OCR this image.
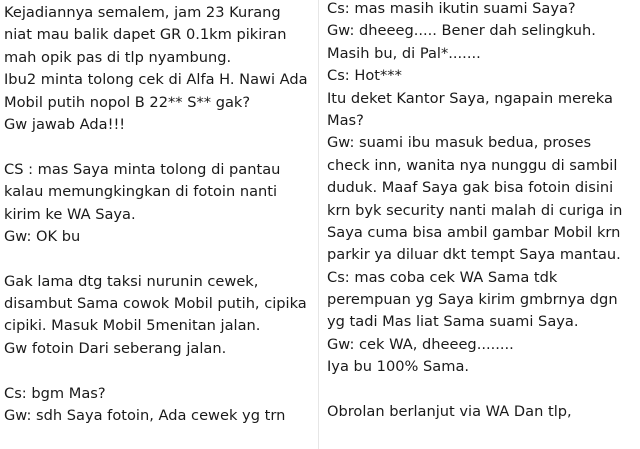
Kejadiannya semalem, jam 23 Kurang
niat mau balik dapet GR 0.1km pikiran
mah opik pas di tlp nyambung.
Ibu2 minta tolong cek di Alfa H. Nawi Ada
Mobil putih nopol B 22** S** gak?
Gw jawab Ada!!!
CS : mas Saya minta tolong di pantau
kalau memungkingkan di fotoin nanti
kirim ke WA Saya.
Gw: OK bu
Gak lama dtg taksi nurunin cewek,
disambut Sama cowok Mobil putih, cipika
cipiki. Masuk Mobil 5menitan jalan.
Gw fotoin Dari seberang jalan.
Cs: bgm Mas?
Gw: sdh Saya fotoin, Ada cewek yg trn
Cs: mas masih ikutin suami Saya?
Gw: dheeeg..... Bener dah selingkuh.
Masih bu, di Pal*.......
Cs: Hot***
Itu deket Kantor Saya, ngapain mereka
Mas?
Gw: suami ibu masuk bedua, proses
check inn, wanita nya nunggu di sambil
duduk. Maaf Saya gak bisa fotoin disini
krn byk security nanti malah di curiga in
Saya cuma bisa ambil gambar Mobil krn
parkir ya diluar dkt tempt Saya mantau.
Cs: mas coba cek WA Sama tdk
perempuan yg Saya kirim gmbrnya dgn
yg tadi Mas liat Sama suami Saya.
Gw: cek WA, dheeeg........
Iya bu 100% Sama.
Obrolan berlanjut via WA Dan tlp,
